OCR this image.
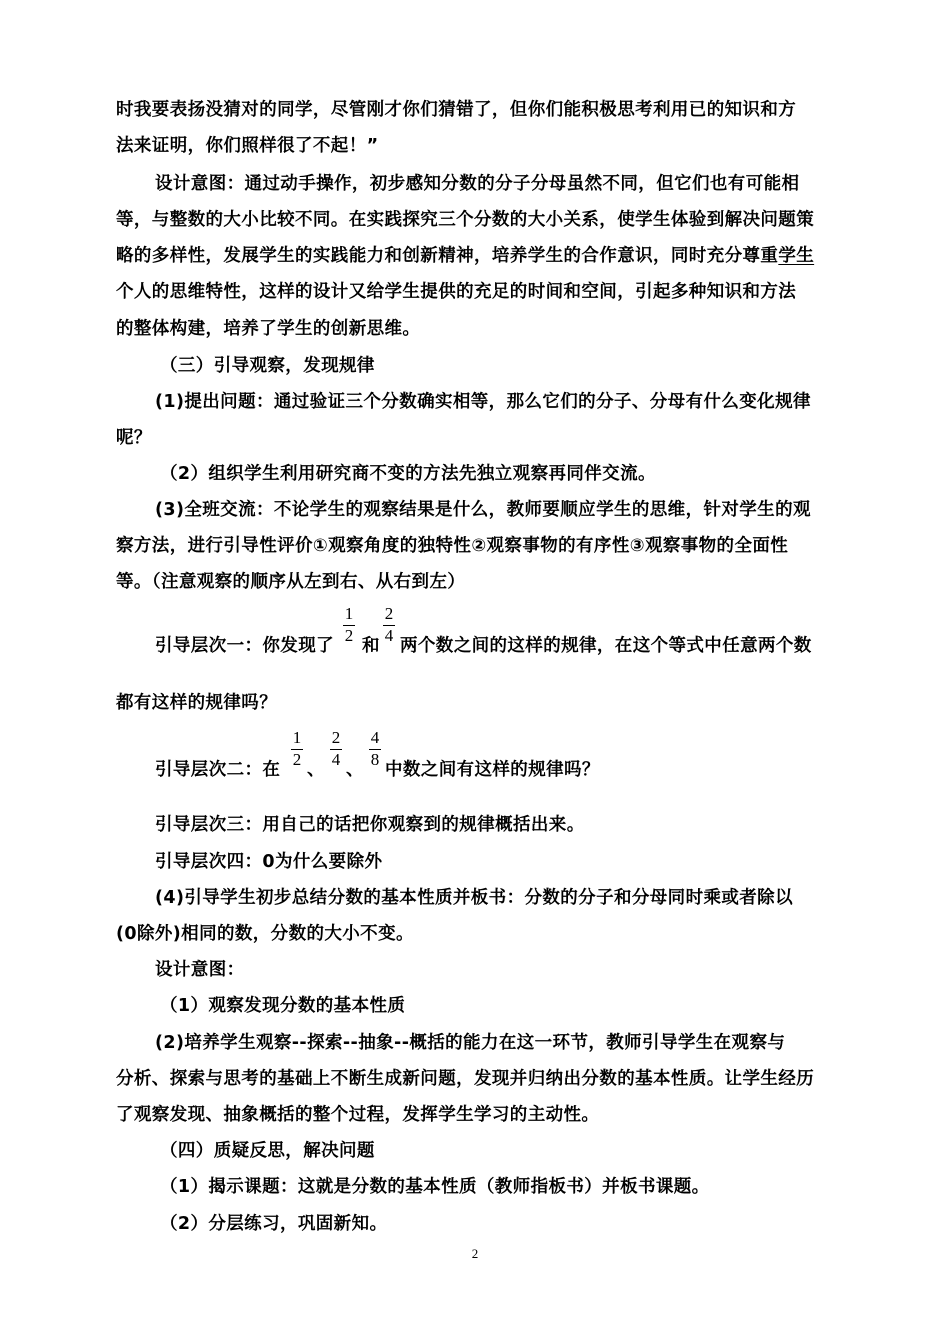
时我要表扬没猜对的同学，尽管刚才你们猜错了，但你们能积极思考利用已的知识和方
法来证明，你们照样很了不起！”
设计意图：通过动手操作，初步感知分数的分子分母虽然不同，但它们也有可能相
等，与整数的大小比较不同。在实践探究三个分数的大小关系，使学生体验到解决问题策
略的多样性，发展学生的实践能力和创新精神，培养学生的合作意识，同时充分尊重学生
个人的思维特性，这样的设计又给学生提供的充足的时间和空间，引起多种知识和方法
的整体构建，培养了学生的创新思维。
（三）引导观察，发现规律
(1)提出问题：通过验证三个分数确实相等，那么它们的分子、分母有什么变化规律
呢？
（2）组织学生利用研究商不变的方法先独立观察再同伴交流。
(3)全班交流：不论学生的观察结果是什么，教师要顺应学生的思维，针对学生的观
察方法，进行引导性评价①观察角度的独特性②观察事物的有序性③观察事物的全面性
等。（注意观察的顺序从左到右、从右到左）
引导层次一：你发现了
1
2
和
2
4
两个数之间的这样的规律，在这个等式中任意两个数
都有这样的规律吗？
引导层次二：在
1
2
、
2
4
、
4
8
中数之间有这样的规律吗？
引导层次三：用自己的话把你观察到的规律概括出来。
引导层次四：0为什么要除外
(4)引导学生初步总结分数的基本性质并板书：分数的分子和分母同时乘或者除以
(0除外)相同的数，分数的大小不变。
设计意图：
（1）观察发现分数的基本性质
(2)培养学生观察--探索--抽象--概括的能力在这一环节，教师引导学生在观察与
分析、探索与思考的基础上不断生成新问题，发现并归纳出分数的基本性质。让学生经历
了观察发现、抽象概括的整个过程，发挥学生学习的主动性。
（四）质疑反思，解决问题
（1）揭示课题：这就是分数的基本性质（教师指板书）并板书课题。
（2）分层练习，巩固新知。
2
